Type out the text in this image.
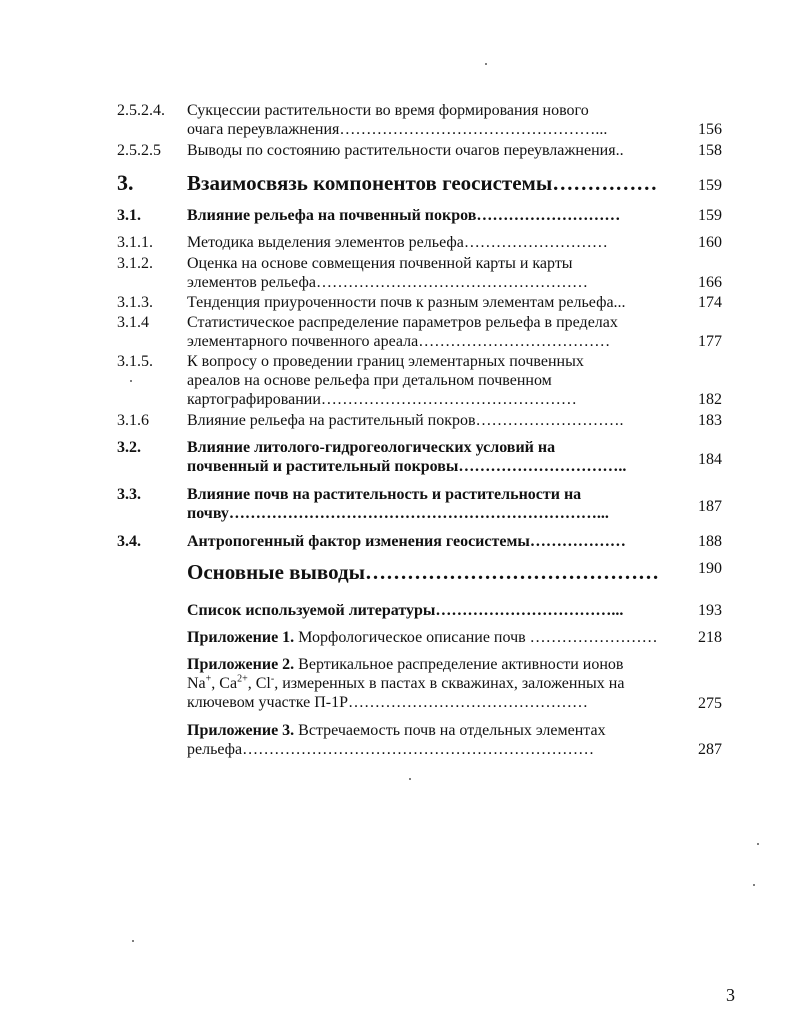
2.5.2.4. Сукцессии растительности во время формирования нового
очага переувлажнения…………………………………………...	156
2.5.2.5 Выводы по состоянию растительности очагов переувлажнения..	158
3.	Взаимосвязь компонентов геосистемы……………	159
3.1.	Влияние рельефа на почвенный покров………………………	159
3.1.1. Методика выделения элементов рельефа………………………	160
3.1.2. Оценка на основе совмещения почвенной карты и карты
элементов рельефа……………………………………………	166
3.1.3. Тенденция приуроченности почв к разным элементам рельефа...	174
3.1.4 Статистическое распределение параметров рельефа в пределах
элементарного почвенного ареала………………………………	177
3.1.5. К вопросу о проведении границ элементарных почвенных
ареалов на основе рельефа при детальном почвенном
картографировании…………………………………………	182
3.1.6 Влияние рельефа на растительный покров……………………….	183
3.2.	Влияние литолого-гидрогеологических условий на
почвенный и растительный покровы…………………………..	184
3.3.	Влияние почв на растительность и растительности на
почву……………………………………………………………...	187
3.4.	Антропогенный фактор изменения геосистемы………………	188
Основные выводы……………………………………	190
Список используемой литературы……………………………...	193
Приложение 1. Морфологическое описание почв ……………………	218
Приложение 2. Вертикальное распределение активности ионов
Na+, $Ca^{2+}$, Cl-, измеренных в пастах в скважинах, заложенных на
ключевом участке П-1Р………………………………………	275
Приложение 3. Встречаемость почв на отдельных элементах
рельефа…………………………………………………………	287
3
